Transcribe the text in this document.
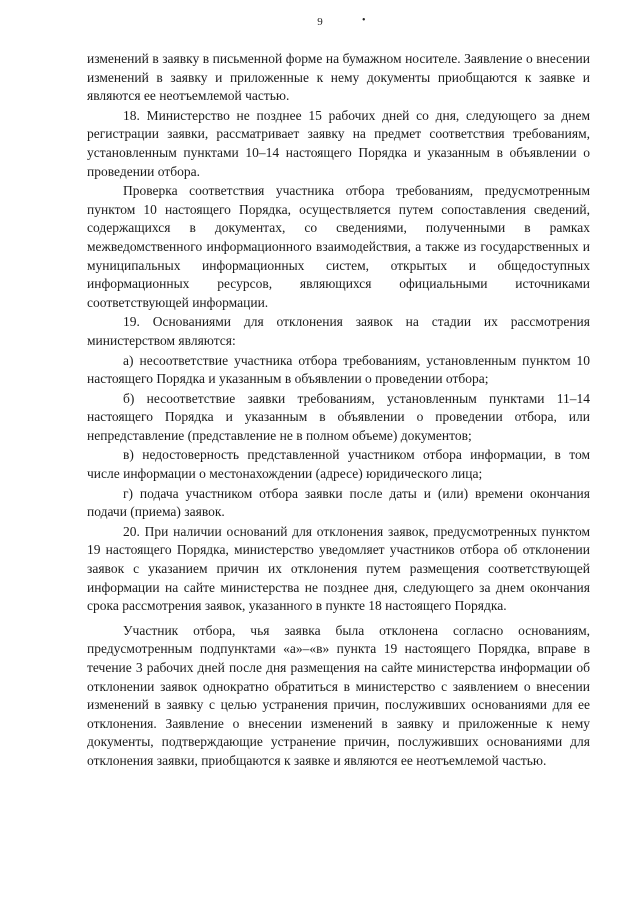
9	•

изменений в заявку в письменной форме на бумажном носителе. Заявление о внесении изменений в заявку и приложенные к нему документы приобщаются к заявке и являются ее неотъемлемой частью.

18. Министерство не позднее 15 рабочих дней со дня, следующего за днем регистрации заявки, рассматривает заявку на предмет соответствия требованиям, установленным пунктами 10–14 настоящего Порядка и указанным в объявлении о проведении отбора.

Проверка соответствия участника отбора требованиям, предусмотренным пунктом 10 настоящего Порядка, осуществляется путем сопоставления сведений, содержащихся в документах, со сведениями, полученными в рамках межведомственного информационного взаимодействия, а также из государственных и муниципальных информационных систем, открытых и общедоступных информационных ресурсов, являющихся официальными источниками соответствующей информации.

19. Основаниями для отклонения заявок на стадии их рассмотрения министерством являются:

а) несоответствие участника отбора требованиям, установленным пунктом 10 настоящего Порядка и указанным в объявлении о проведении отбора;

б) несоответствие заявки требованиям, установленным пунктами 11–14 настоящего Порядка и указанным в объявлении о проведении отбора, или непредставление (представление не в полном объеме) документов;

в) недостоверность представленной участником отбора информации, в том числе информации о местонахождении (адресе) юридического лица;

г) подача участником отбора заявки после даты и (или) времени окончания подачи (приема) заявок.

20. При наличии оснований для отклонения заявок, предусмотренных пунктом 19 настоящего Порядка, министерство уведомляет участников отбора об отклонении заявок с указанием причин их отклонения путем размещения соответствующей информации на сайте министерства не позднее дня, следующего за днем окончания срока рассмотрения заявок, указанного в пункте 18 настоящего Порядка.

Участник отбора, чья заявка была отклонена согласно основаниям, предусмотренным подпунктами «а»–«в» пункта 19 настоящего Порядка, вправе в течение 3 рабочих дней после дня размещения на сайте министерства информации об отклонении заявок однократно обратиться в министерство с заявлением о внесении изменений в заявку с целью устранения причин, послуживших основаниями для ее отклонения. Заявление о внесении изменений в заявку и приложенные к нему документы, подтверждающие устранение причин, послуживших основаниями для отклонения заявки, приобщаются к заявке и являются ее неотъемлемой частью.
